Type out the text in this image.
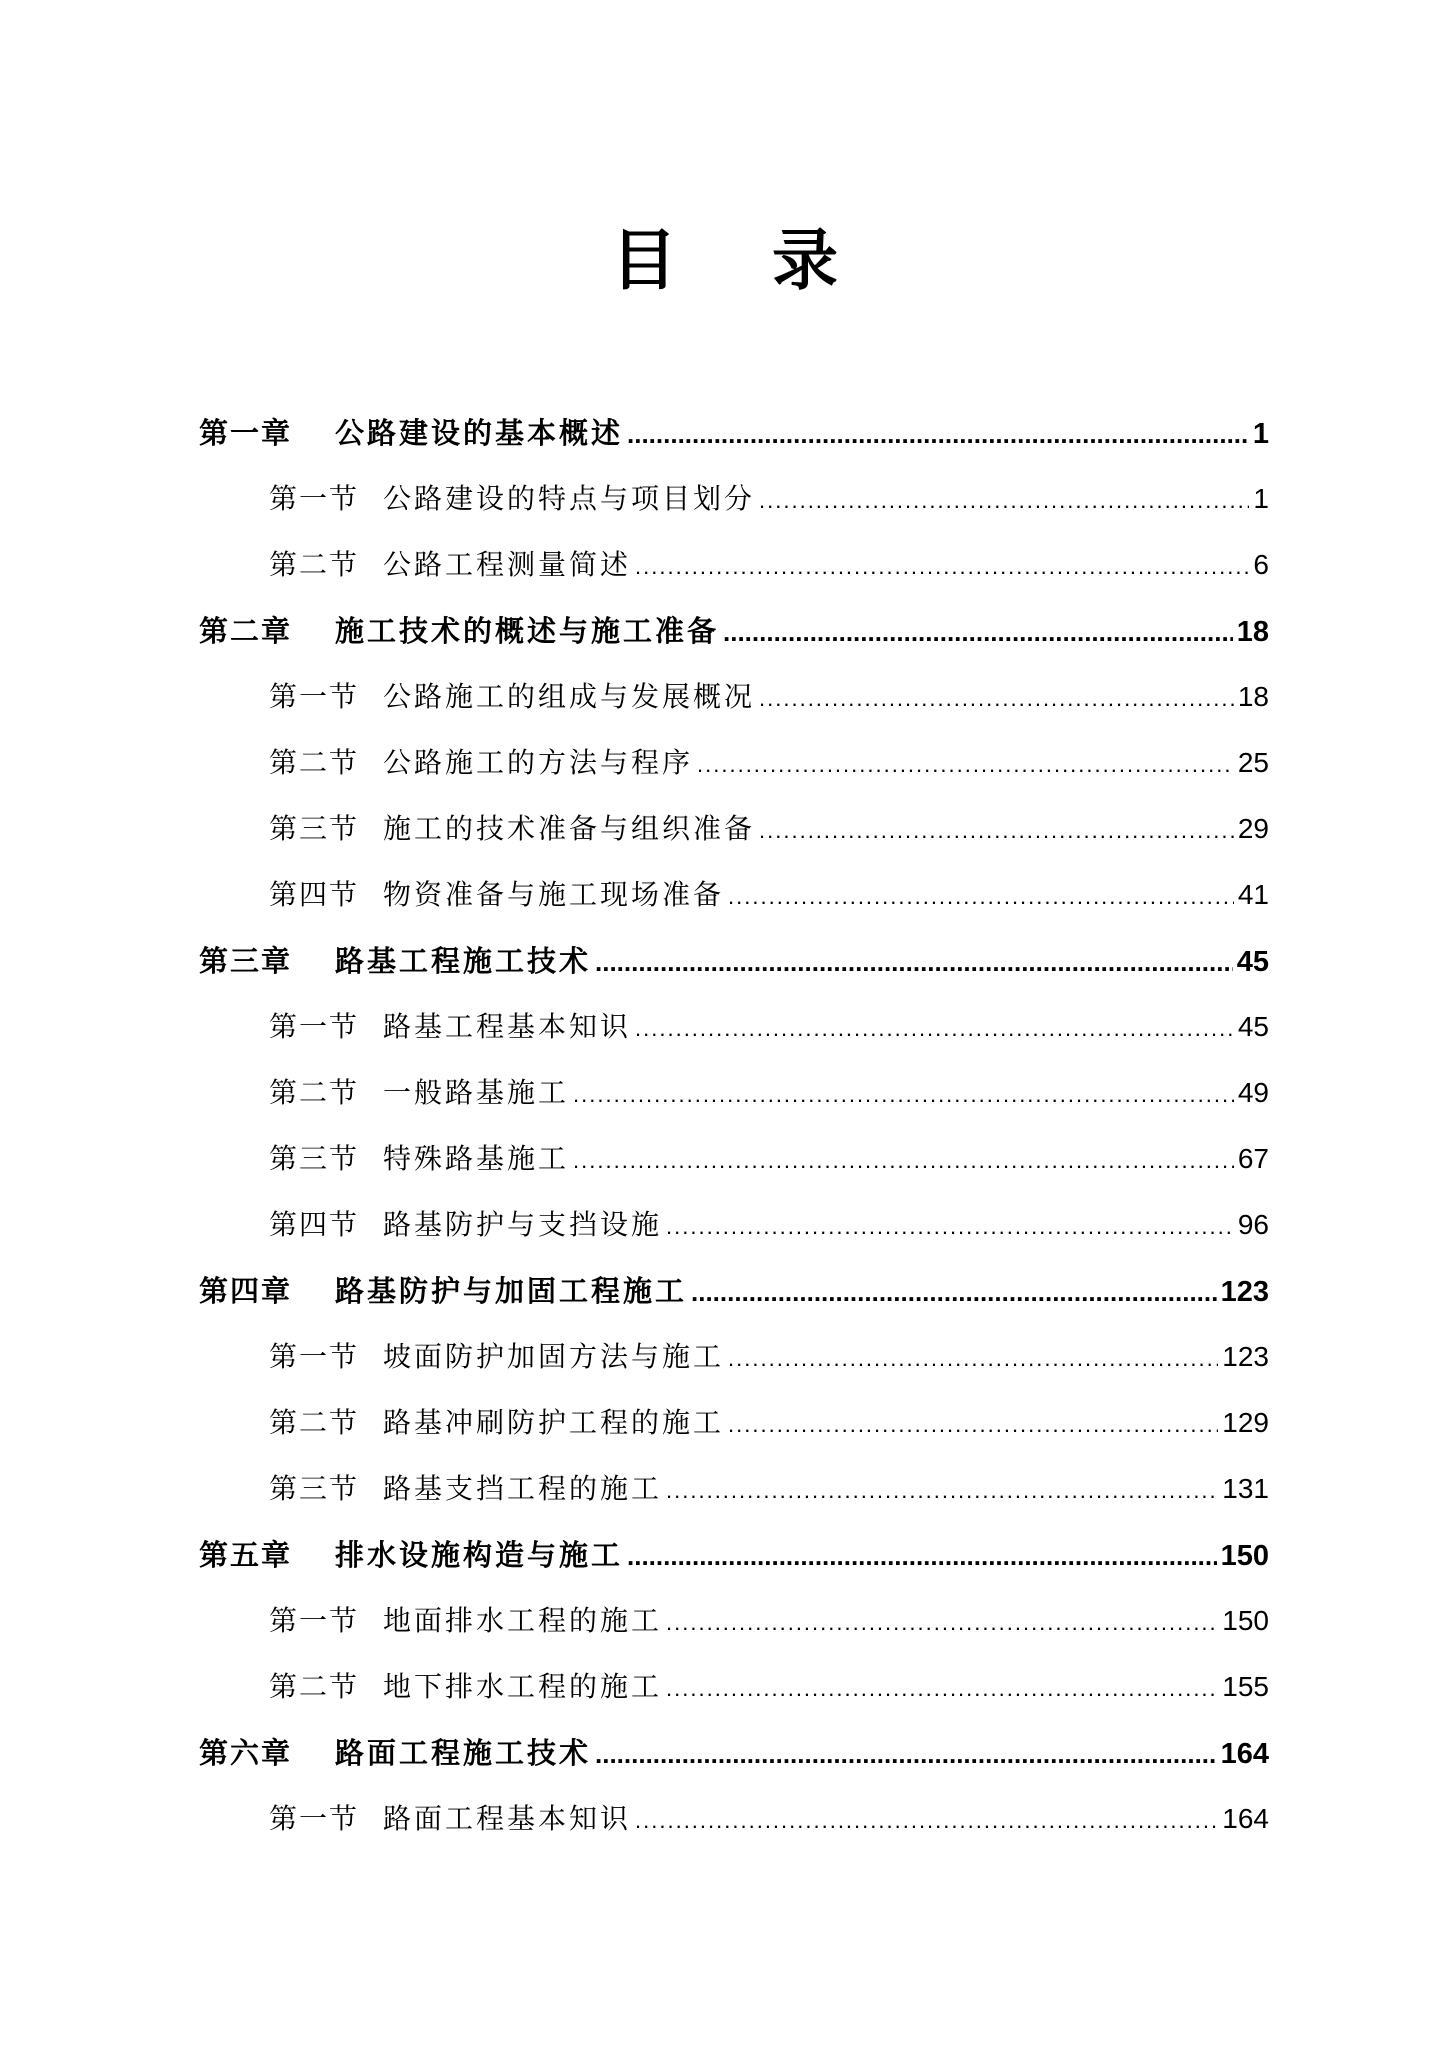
目 录
第一章	公路建设的基本概述 .....	1
第一节 公路建设的特点与项目划分 .....	1
第二节 公路工程测量简述 .....	6
第二章	施工技术的概述与施工准备 .....	18
第一节 公路施工的组成与发展概况 .....	18
第二节 公路施工的方法与程序 .....	25
第三节 施工的技术准备与组织准备 .....	29
第四节 物资准备与施工现场准备 .....	41
第三章	路基工程施工技术 .....	45
第一节 路基工程基本知识 .....	45
第二节 一般路基施工 .....	49
第三节 特殊路基施工 .....	67
第四节 路基防护与支挡设施 .....	96
第四章	路基防护与加固工程施工 .....	123
第一节 坡面防护加固方法与施工 .....	123
第二节 路基冲刷防护工程的施工 .....	129
第三节 路基支挡工程的施工 .....	131
第五章	排水设施构造与施工 .....	150
第一节 地面排水工程的施工 .....	150
第二节 地下排水工程的施工 .....	155
第六章	路面工程施工技术 .....	164
第一节 路面工程基本知识 .....	164
